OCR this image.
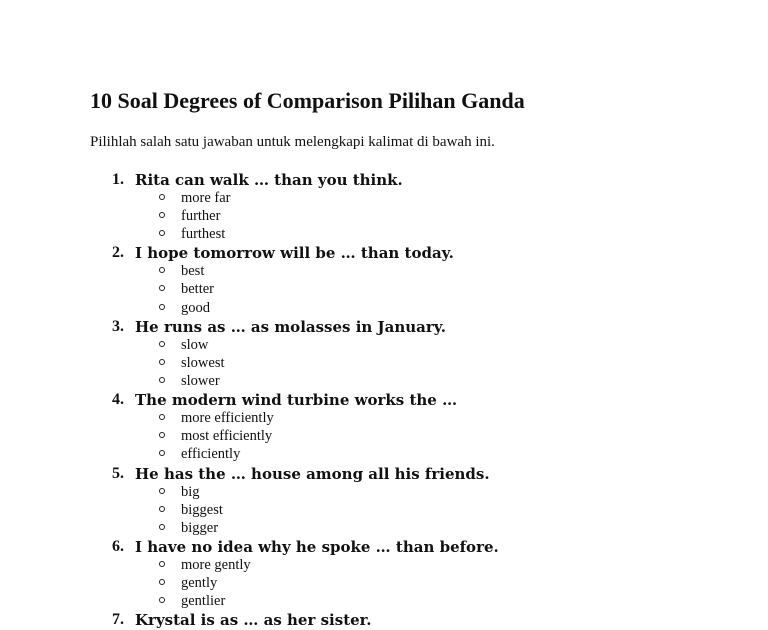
10 Soal Degrees of Comparison Pilihan Ganda

Pilihlah salah satu jawaban untuk melengkapi kalimat di bawah ini.

1. Rita can walk … than you think.
more far
further
furthest
2. I hope tomorrow will be … than today.
best
better
good
3. He runs as … as molasses in January.
slow
slowest
slower
4. The modern wind turbine works the …
more efficiently
most efficiently
efficiently
5. He has the … house among all his friends.
big
biggest
bigger
6. I have no idea why he spoke … than before.
more gently
gently
gentlier
7. Krystal is as … as her sister.
